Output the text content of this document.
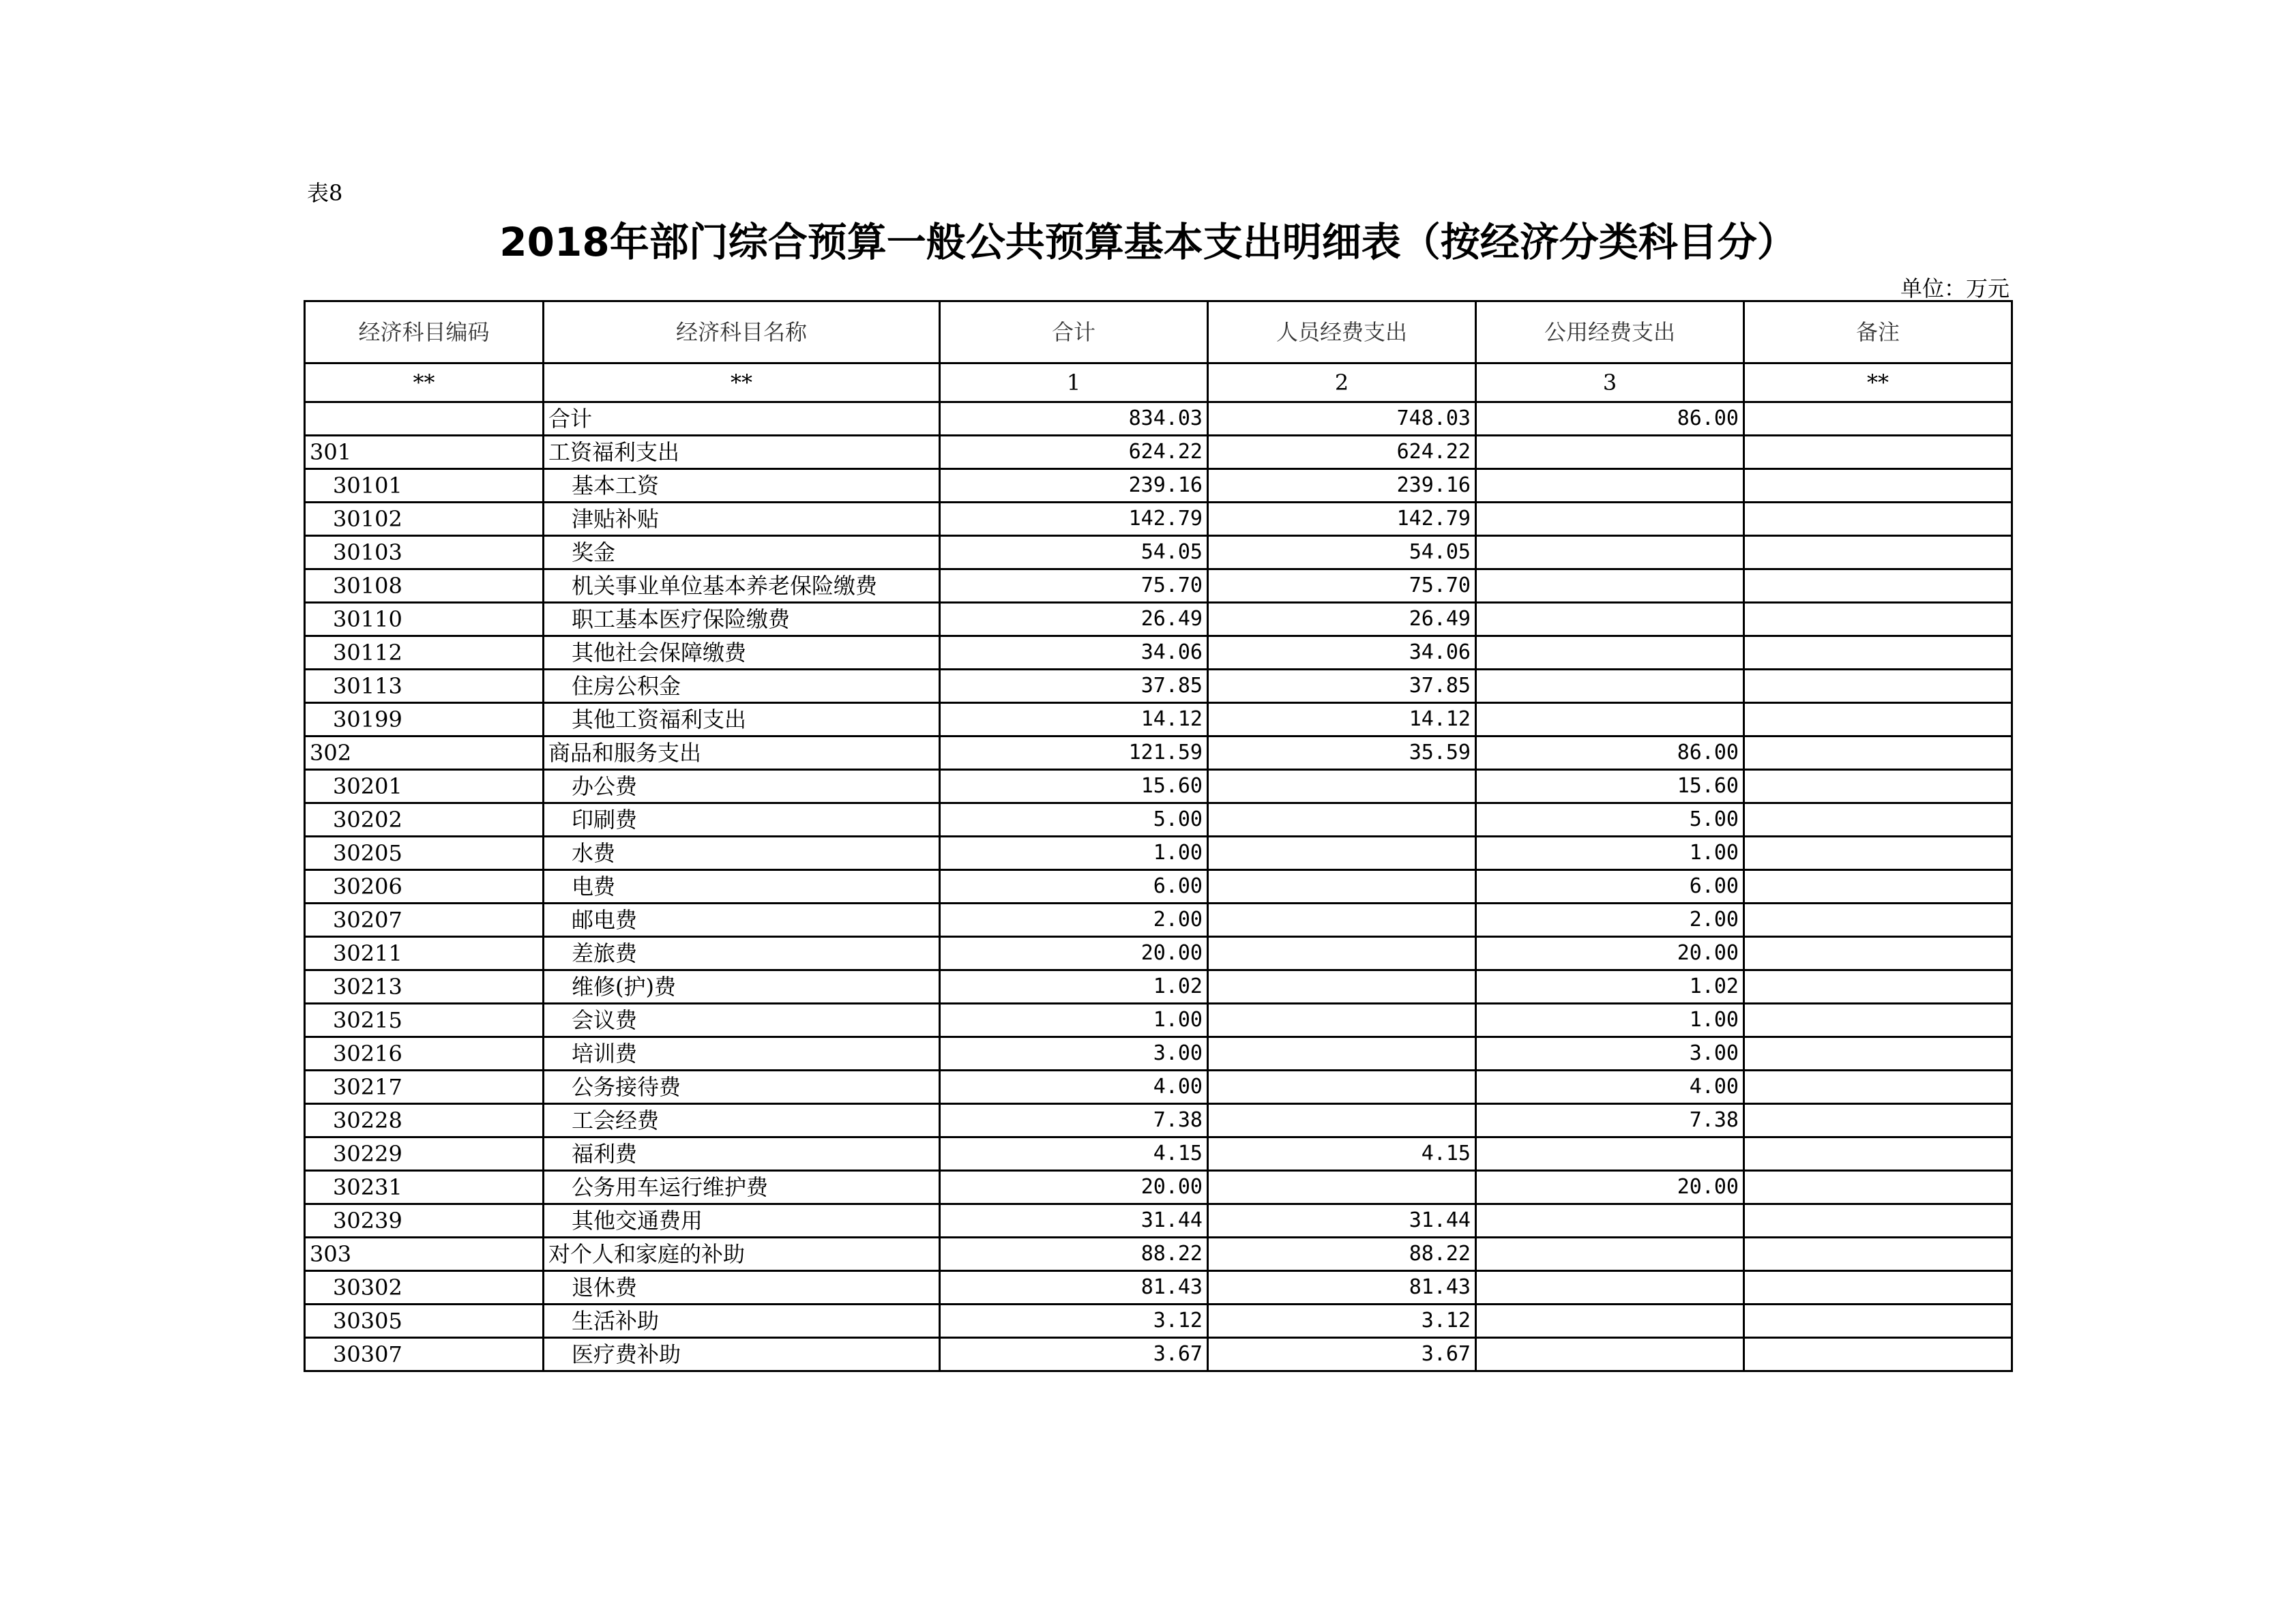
表8
2018年部门综合预算一般公共预算基本支出明细表（按经济分类科目分）
单位：万元
经济科目编码	经济科目名称	合计	人员经费支出	公用经费支出	备注
**	**	1	2	3	**
	合计	834.03	748.03	86.00	
301	工资福利支出	624.22	624.22		
30101	基本工资	239.16	239.16		
30102	津贴补贴	142.79	142.79		
30103	奖金	54.05	54.05		
30108	机关事业单位基本养老保险缴费	75.70	75.70		
30110	职工基本医疗保险缴费	26.49	26.49		
30112	其他社会保障缴费	34.06	34.06		
30113	住房公积金	37.85	37.85		
30199	其他工资福利支出	14.12	14.12		
302	商品和服务支出	121.59	35.59	86.00	
30201	办公费	15.60		15.60	
30202	印刷费	5.00		5.00	
30205	水费	1.00		1.00	
30206	电费	6.00		6.00	
30207	邮电费	2.00		2.00	
30211	差旅费	20.00		20.00	
30213	维修(护)费	1.02		1.02	
30215	会议费	1.00		1.00	
30216	培训费	3.00		3.00	
30217	公务接待费	4.00		4.00	
30228	工会经费	7.38		7.38	
30229	福利费	4.15	4.15		
30231	公务用车运行维护费	20.00		20.00	
30239	其他交通费用	31.44	31.44		
303	对个人和家庭的补助	88.22	88.22		
30302	退休费	81.43	81.43		
30305	生活补助	3.12	3.12		
30307	医疗费补助	3.67	3.67		
